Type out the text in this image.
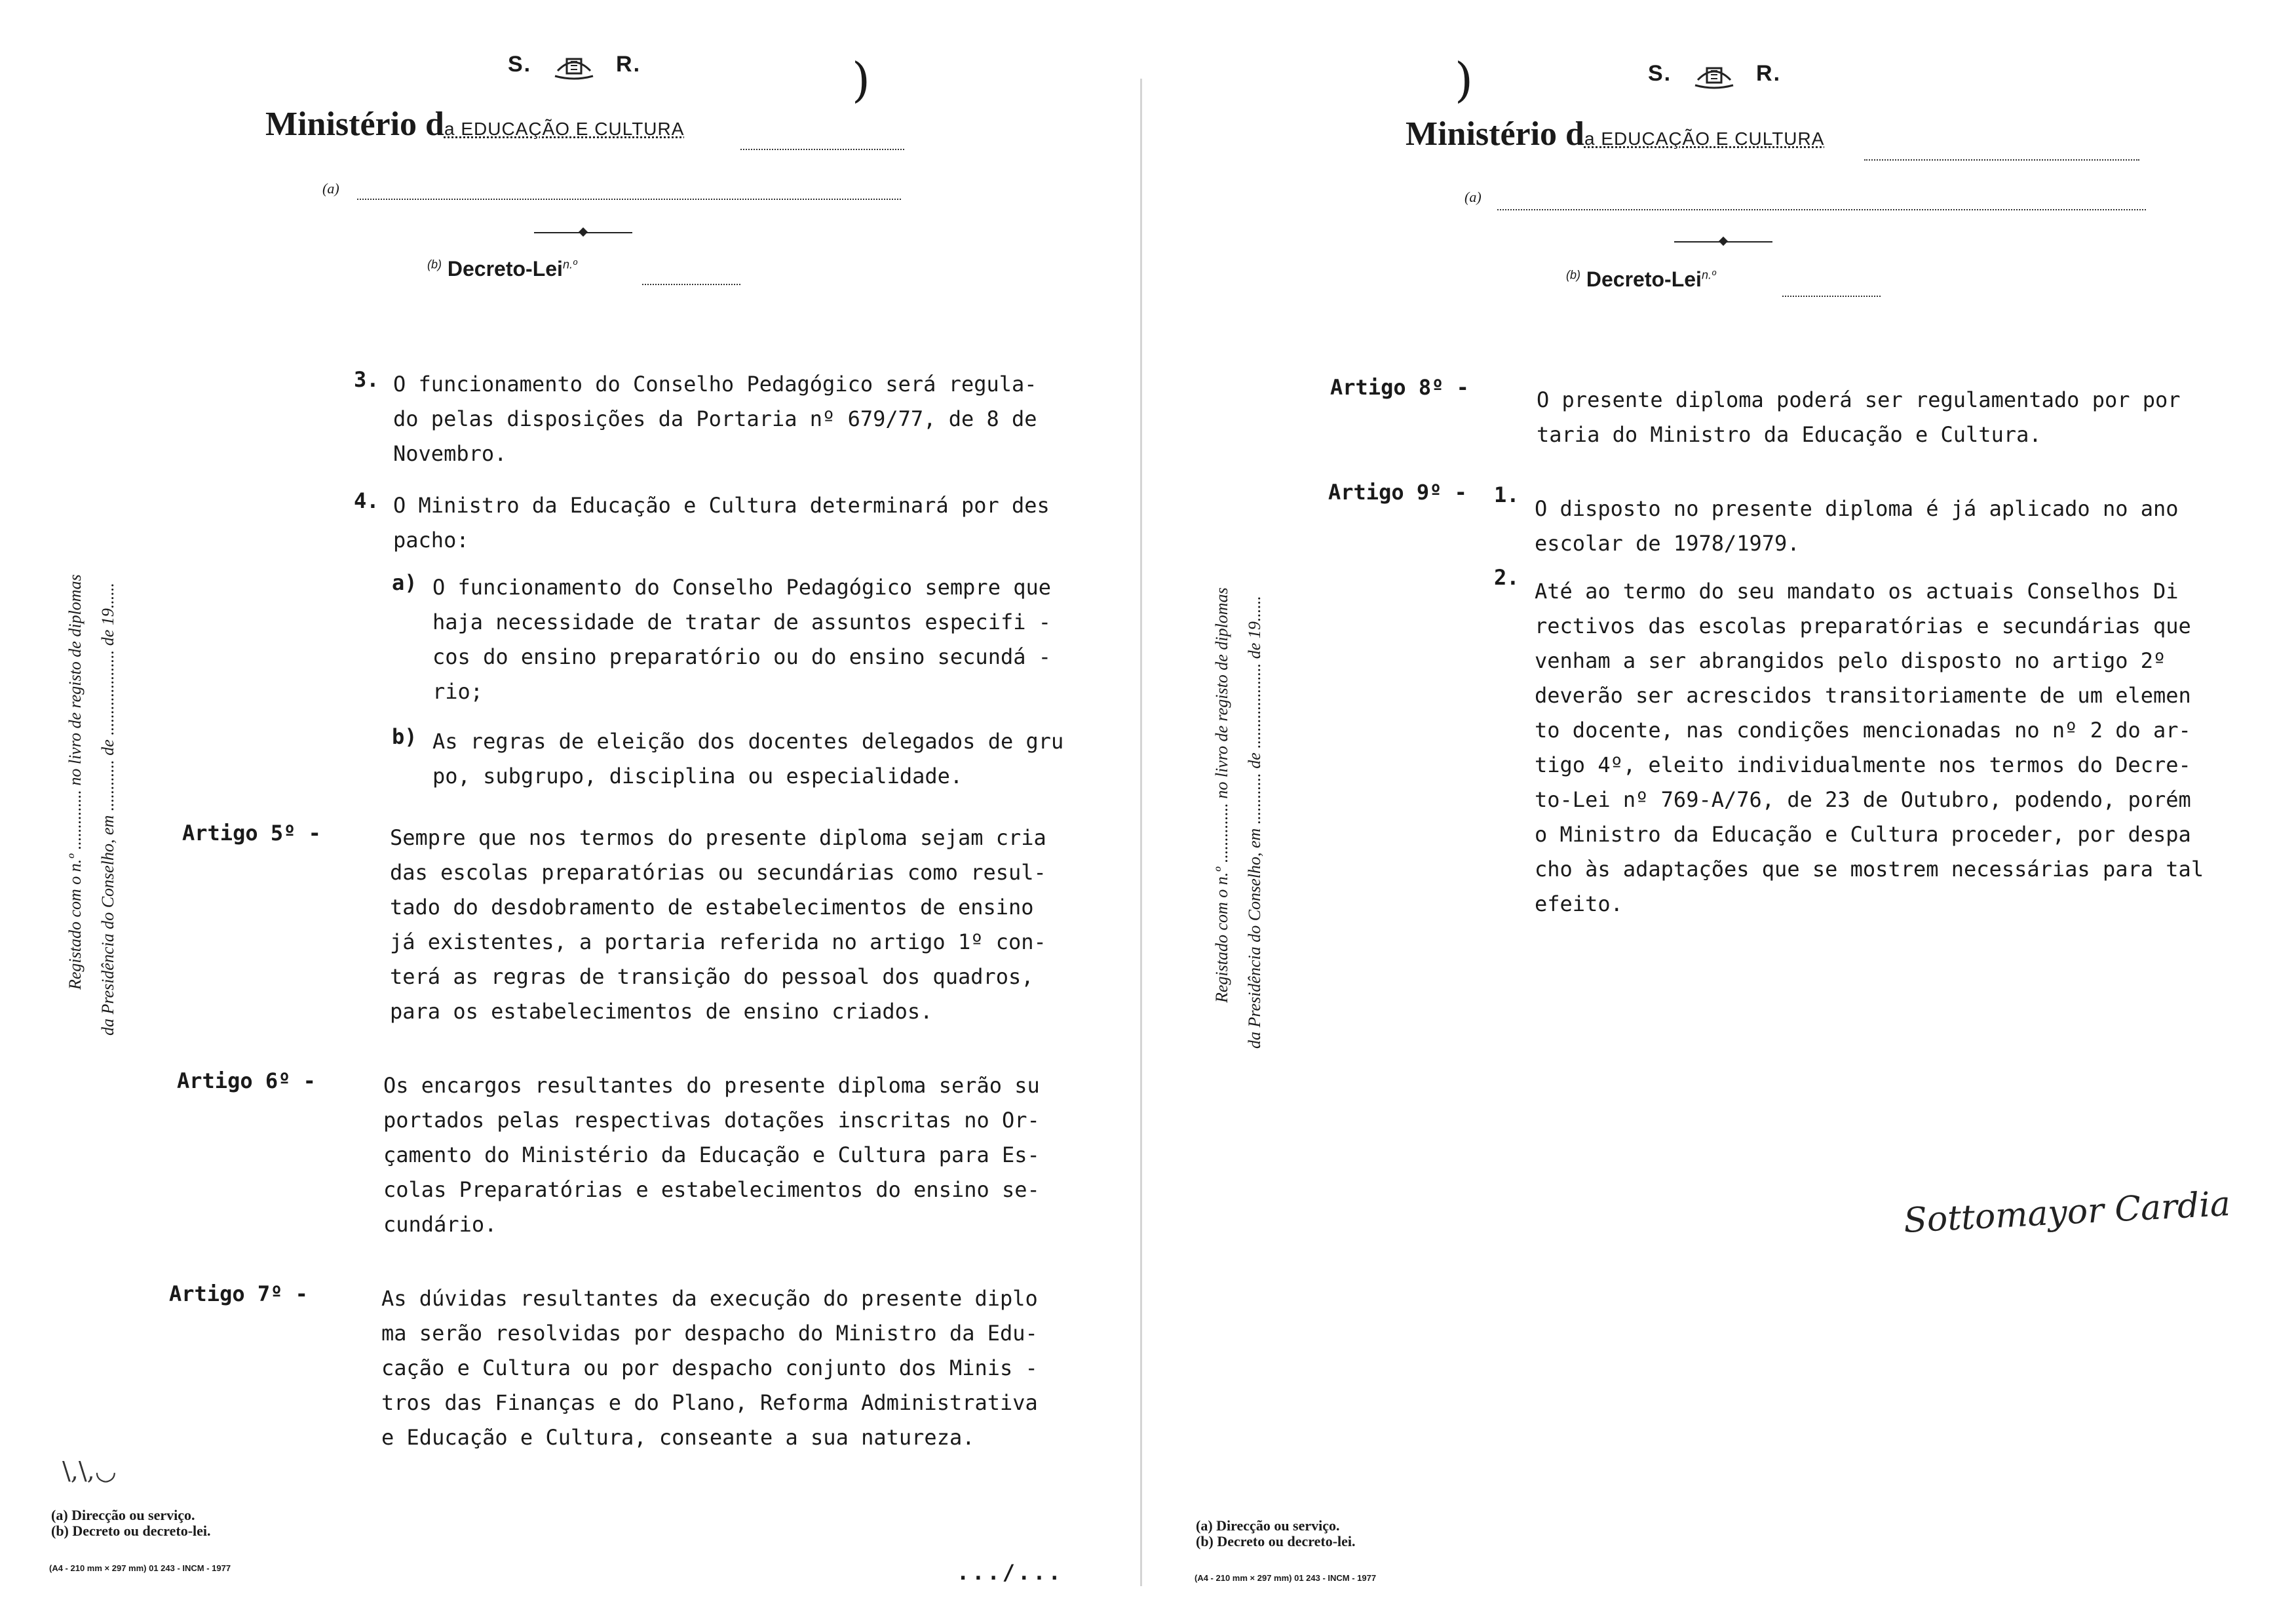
S.	R.	)
Ministério da EDUCAÇÃO E CULTURA
(a)
$^{(b)}$ Decreto-Lei$^{n.º}$
Registado com o n.º .............. no livro de registo de diplomas da Presidência do Conselho, em ............ de .................... de 19......
3. O funcionamento do Conselho Pedagógico será regula-
do pelas disposições da Portaria nº 679/77, de 8 de
Novembro.
4. O Ministro da Educação e Cultura determinará por des
pacho:
a) O funcionamento do Conselho Pedagógico sempre que
haja necessidade de tratar de assuntos especifi -
cos do ensino preparatório ou do ensino secundá -
rio;
b) As regras de eleição dos docentes delegados de gru
po, subgrupo, disciplina ou especialidade.
Artigo 5º -	Sempre que nos termos do presente diploma sejam cria
das escolas preparatórias ou secundárias como resul-
tado do desdobramento de estabelecimentos de ensino
já existentes, a portaria referida no artigo 1º con-
terá as regras de transição do pessoal dos quadros,
para os estabelecimentos de ensino criados.
Artigo 6º -	Os encargos resultantes do presente diploma serão su
portados pelas respectivas dotações inscritas no Or-
çamento do Ministério da Educação e Cultura para Es-
colas Preparatórias e estabelecimentos do ensino se-
cundário.
Artigo 7º -	As dúvidas resultantes da execução do presente diplo
ma serão resolvidas por despacho do Ministro da Edu-
cação e Cultura ou por despacho conjunto dos Minis -
tros das Finanças e do Plano, Reforma Administrativa
e Educação e Cultura, conseante a sua natureza.
\,\,◡
(a) Direcção ou serviço.
(b) Decreto ou decreto-lei.
(A4 - 210 mm × 297 mm) 01 243 - INCM - 1977	.../...
)	S.	R.
Ministério da EDUCAÇÃO E CULTURA
(a)
$^{(b)}$ Decreto-Lei$^{n.º}$
Registado com o n.º .............. no livro de registo de diplomas da Presidência do Conselho, em ............ de .................... de 19......
Artigo 8º -	O presente diploma poderá ser regulamentado por por
taria do Ministro da Educação e Cultura.
Artigo 9º - 1.
O disposto no presente diploma é já aplicado no ano
escolar de 1978/1979.
2.
Até ao termo do seu mandato os actuais Conselhos Di
rectivos das escolas preparatórias e secundárias que
venham a ser abrangidos pelo disposto no artigo 2º
deverão ser acrescidos transitoriamente de um elemen
to docente, nas condições mencionadas no nº 2 do ar-
tigo 4º, eleito individualmente nos termos do Decre-
to-Lei nº 769-A/76, de 23 de Outubro, podendo, porém
o Ministro da Educação e Cultura proceder, por despa
cho às adaptações que se mostrem necessárias para tal
efeito.
Sottomayor Cardia
(a) Direcção ou serviço.
(b) Decreto ou decreto-lei.
(A4 - 210 mm × 297 mm) 01 243 - INCM - 1977
